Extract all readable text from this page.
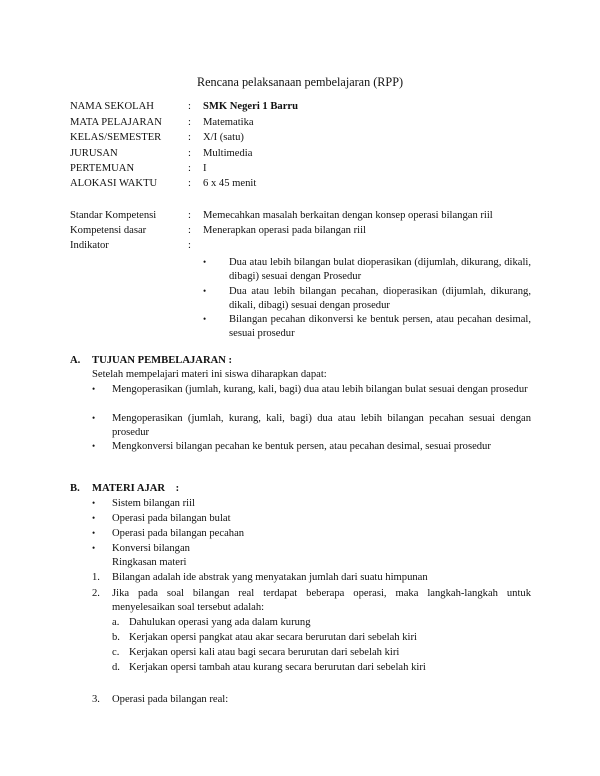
Rencana pelaksanaan pembelajaran (RPP)
NAMA SEKOLAH	: SMK Negeri 1 Barru
MATA PELAJARAN : Matematika
KELAS/SEMESTER	: X/I (satu)
JURUSAN	: Multimedia
PERTEMUAN	: I
ALOKASI WAKTU	: 6 x 45 menit
Standar Kompetensi	: Memecahkan masalah berkaitan dengan konsep operasi bilangan riil
Kompetensi dasar	: Menerapkan operasi pada bilangan riil
Indikator	:
• Dua atau lebih bilangan bulat dioperasikan (dijumlah, dikurang, dikali, dibagi) sesuai dengan Prosedur
• Dua atau lebih bilangan pecahan, dioperasikan (dijumlah, dikurang, dikali, dibagi) sesuai dengan prosedur
• Bilangan pecahan dikonversi ke bentuk persen, atau pecahan desimal, sesuai prosedur
A. TUJUAN PEMBELAJARAN :
Setelah mempelajari materi ini siswa diharapkan dapat:
• Mengoperasikan (jumlah, kurang, kali, bagi) dua atau lebih bilangan bulat sesuai dengan prosedur
• Mengoperasikan (jumlah, kurang, kali, bagi) dua atau lebih bilangan pecahan sesuai dengan prosedur
• Mengkonversi bilangan pecahan ke bentuk persen, atau pecahan desimal, sesuai prosedur
B. MATERI AJAR    :
• Sistem bilangan riil
• Operasi pada bilangan bulat
• Operasi pada bilangan pecahan
• Konversi bilangan
Ringkasan materi
1. Bilangan adalah ide abstrak yang menyatakan jumlah dari suatu himpunan
2. Jika pada soal bilangan real terdapat beberapa operasi, maka langkah-langkah untuk menyelesaikan soal tersebut adalah:
a. Dahulukan operasi yang ada dalam kurung
b. Kerjakan opersi pangkat atau akar secara berurutan dari sebelah kiri
c. Kerjakan opersi kali atau bagi secara berurutan dari sebelah kiri
d. Kerjakan opersi tambah atau kurang secara berurutan dari sebelah kiri
3. Operasi pada bilangan real:
